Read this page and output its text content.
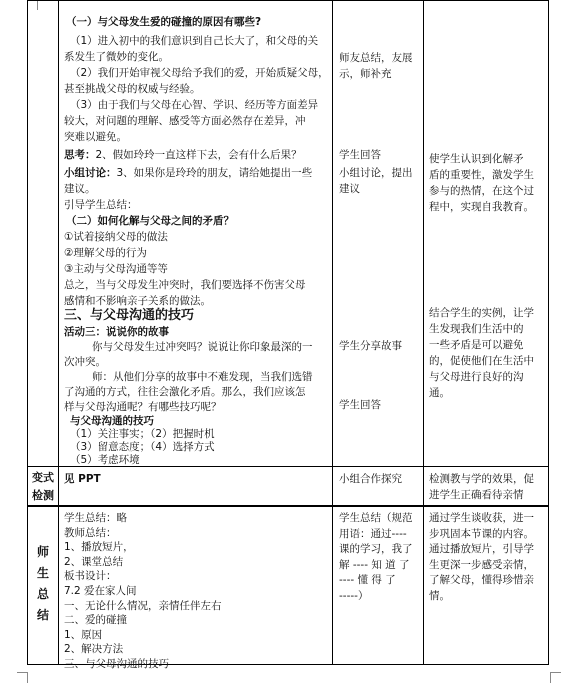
（一）与父母发生爱的碰撞的原因有哪些?
（1）进入初中的我们意识到自己长大了，和父母的关
系发生了微妙的变化。
（2）我们开始审视父母给予我们的爱，开始质疑父母，
甚至挑战父母的权威与经验。
（3）由于我们与父母在心智、学识、经历等方面差异
较大，对问题的理解、感受等方面必然存在差异，冲
突难以避免。
思考：2、假如玲玲一直这样下去，会有什么后果？
小组讨论：3、如果你是玲玲的朋友，请给她提出一些
建议。
引导学生总结：
（二）如何化解与父母之间的矛盾？
①试着接纳父母的做法
②理解父母的行为
③主动与父母沟通等等
总之，当与父母发生冲突时，我们要选择不伤害父母
感情和不影响亲子关系的做法。
三、与父母沟通的技巧
活动三：说说你的故事
你与父母发生过冲突吗？说说让你印象最深的一
次冲突。
师：从他们分享的故事中不难发现，当我们选错
了沟通的方式，往往会激化矛盾。那么，我们应该怎
样与父母沟通呢？有哪些技巧呢？
与父母沟通的技巧
（1）关注事实；（2）把握时机
（3）留意态度；（4）选择方式
师友总结，友展
示，师补充
学生回答
小组讨论，提出
建议
学生分享故事
学生回答
使学生认识到化解矛
盾的重要性，激发学生
参与的热情，在这个过
程中，实现自我教育。
结合学生的实例，让学
生发现我们生活中的
一些矛盾是可以避免
的，促使他们在生活中
与父母进行良好的沟
通。
变式
检测
见 PPT	小组合作探究	检测教与学的效果，促
进学生正确看待亲情
师
生
总
结
学生总结：略
教师总结：
1、播放短片，
2、课堂总结
板书设计：
7.2 爱在家人间
一、无论什么情况，亲情任伴左右
二、爱的碰撞
1、原因
2、解决方法
三、与父母沟通的技巧
学生总结（规范
用语：通过----
课的学习，我了
解 ---- 知 道 了
---- 懂 得 了
-----）
通过学生谈收获，进一
步巩固本节课的内容。
通过播放短片，引导学
生更深一步感受亲情，
了解父母，懂得珍惜亲
情。
（5）考虑环境
